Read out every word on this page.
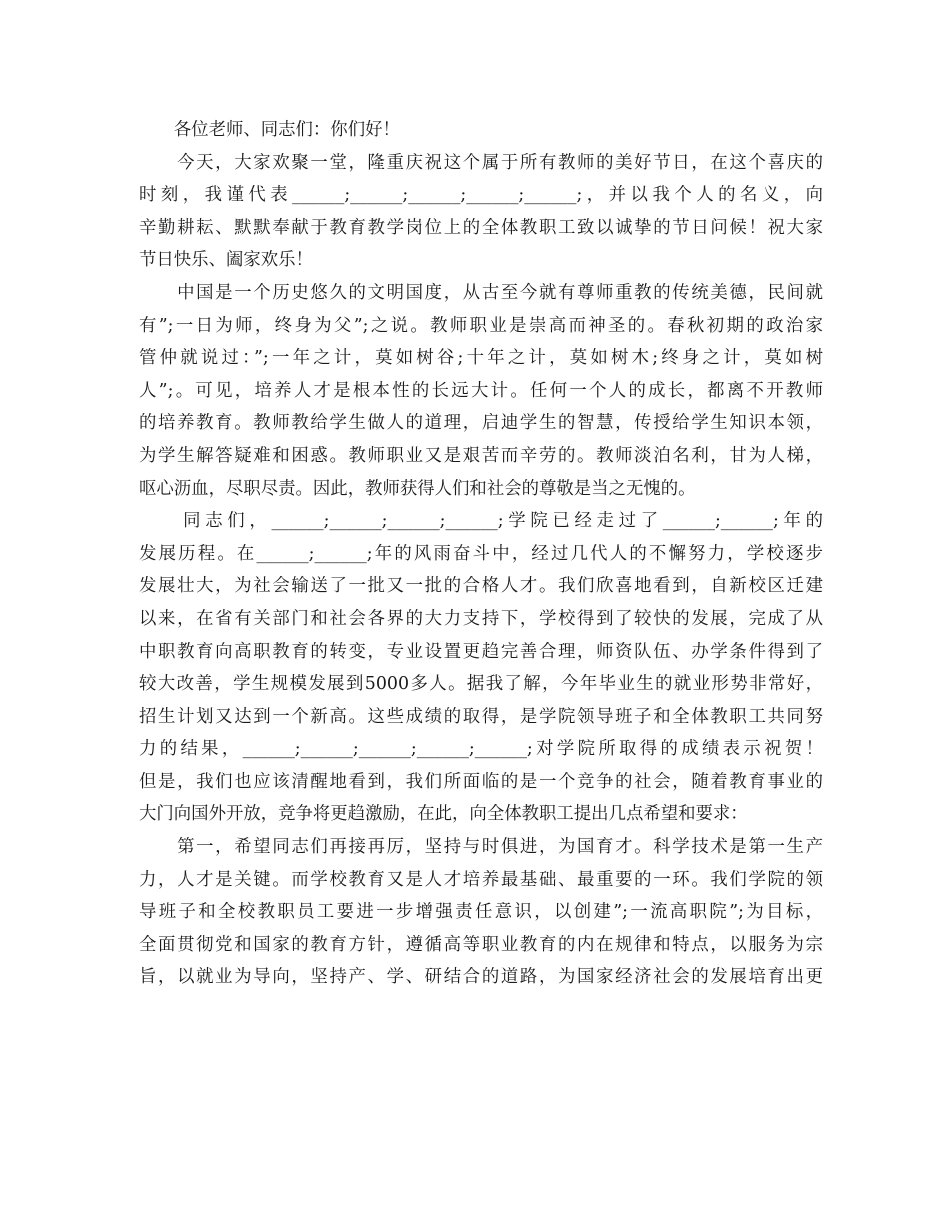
　　各位老师、同志们：你们好！
　　今天，大家欢聚一堂，隆重庆祝这个属于所有教师的美好节日，在这个喜庆的
时刻，我谨代表______;______;______;______;______;，并以我个人的名义，向
辛勤耕耘、默默奉献于教育教学岗位上的全体教职工致以诚挚的节日问候！祝大家
节日快乐、阖家欢乐！
　　中国是一个历史悠久的文明国度，从古至今就有尊师重教的传统美德，民间就
有”;一日为师，终身为父”;之说。教师职业是崇高而神圣的。春秋初期的政治家
管仲就说过：”;一年之计，莫如树谷;十年之计，莫如树木;终身之计，莫如树
人”;。可见，培养人才是根本性的长远大计。任何一个人的成长，都离不开教师
的培养教育。教师教给学生做人的道理，启迪学生的智慧，传授给学生知识本领，
为学生解答疑难和困惑。教师职业又是艰苦而辛劳的。教师淡泊名利，甘为人梯，
呕心沥血，尽职尽责。因此，教师获得人们和社会的尊敬是当之无愧的。
　　同志们，______;______;______;______;学院已经走过了______;______;年的
发展历程。在______;______;年的风雨奋斗中，经过几代人的不懈努力，学校逐步
发展壮大，为社会输送了一批又一批的合格人才。我们欣喜地看到，自新校区迁建
以来，在省有关部门和社会各界的大力支持下，学校得到了较快的发展，完成了从
中职教育向高职教育的转变，专业设置更趋完善合理，师资队伍、办学条件得到了
较大改善，学生规模发展到5000多人。据我了解，今年毕业生的就业形势非常好，
招生计划又达到一个新高。这些成绩的取得，是学院领导班子和全体教职工共同努
力的结果，______;______;______;______;______;对学院所取得的成绩表示祝贺！
但是，我们也应该清醒地看到，我们所面临的是一个竞争的社会，随着教育事业的
大门向国外开放，竞争将更趋激励，在此，向全体教职工提出几点希望和要求：
　　第一，希望同志们再接再厉，坚持与时俱进，为国育才。科学技术是第一生产
力，人才是关键。而学校教育又是人才培养最基础、最重要的一环。我们学院的领
导班子和全校教职员工要进一步增强责任意识，以创建”;一流高职院”;为目标，
全面贯彻党和国家的教育方针，遵循高等职业教育的内在规律和特点，以服务为宗
旨，以就业为导向，坚持产、学、研结合的道路，为国家经济社会的发展培育出更
